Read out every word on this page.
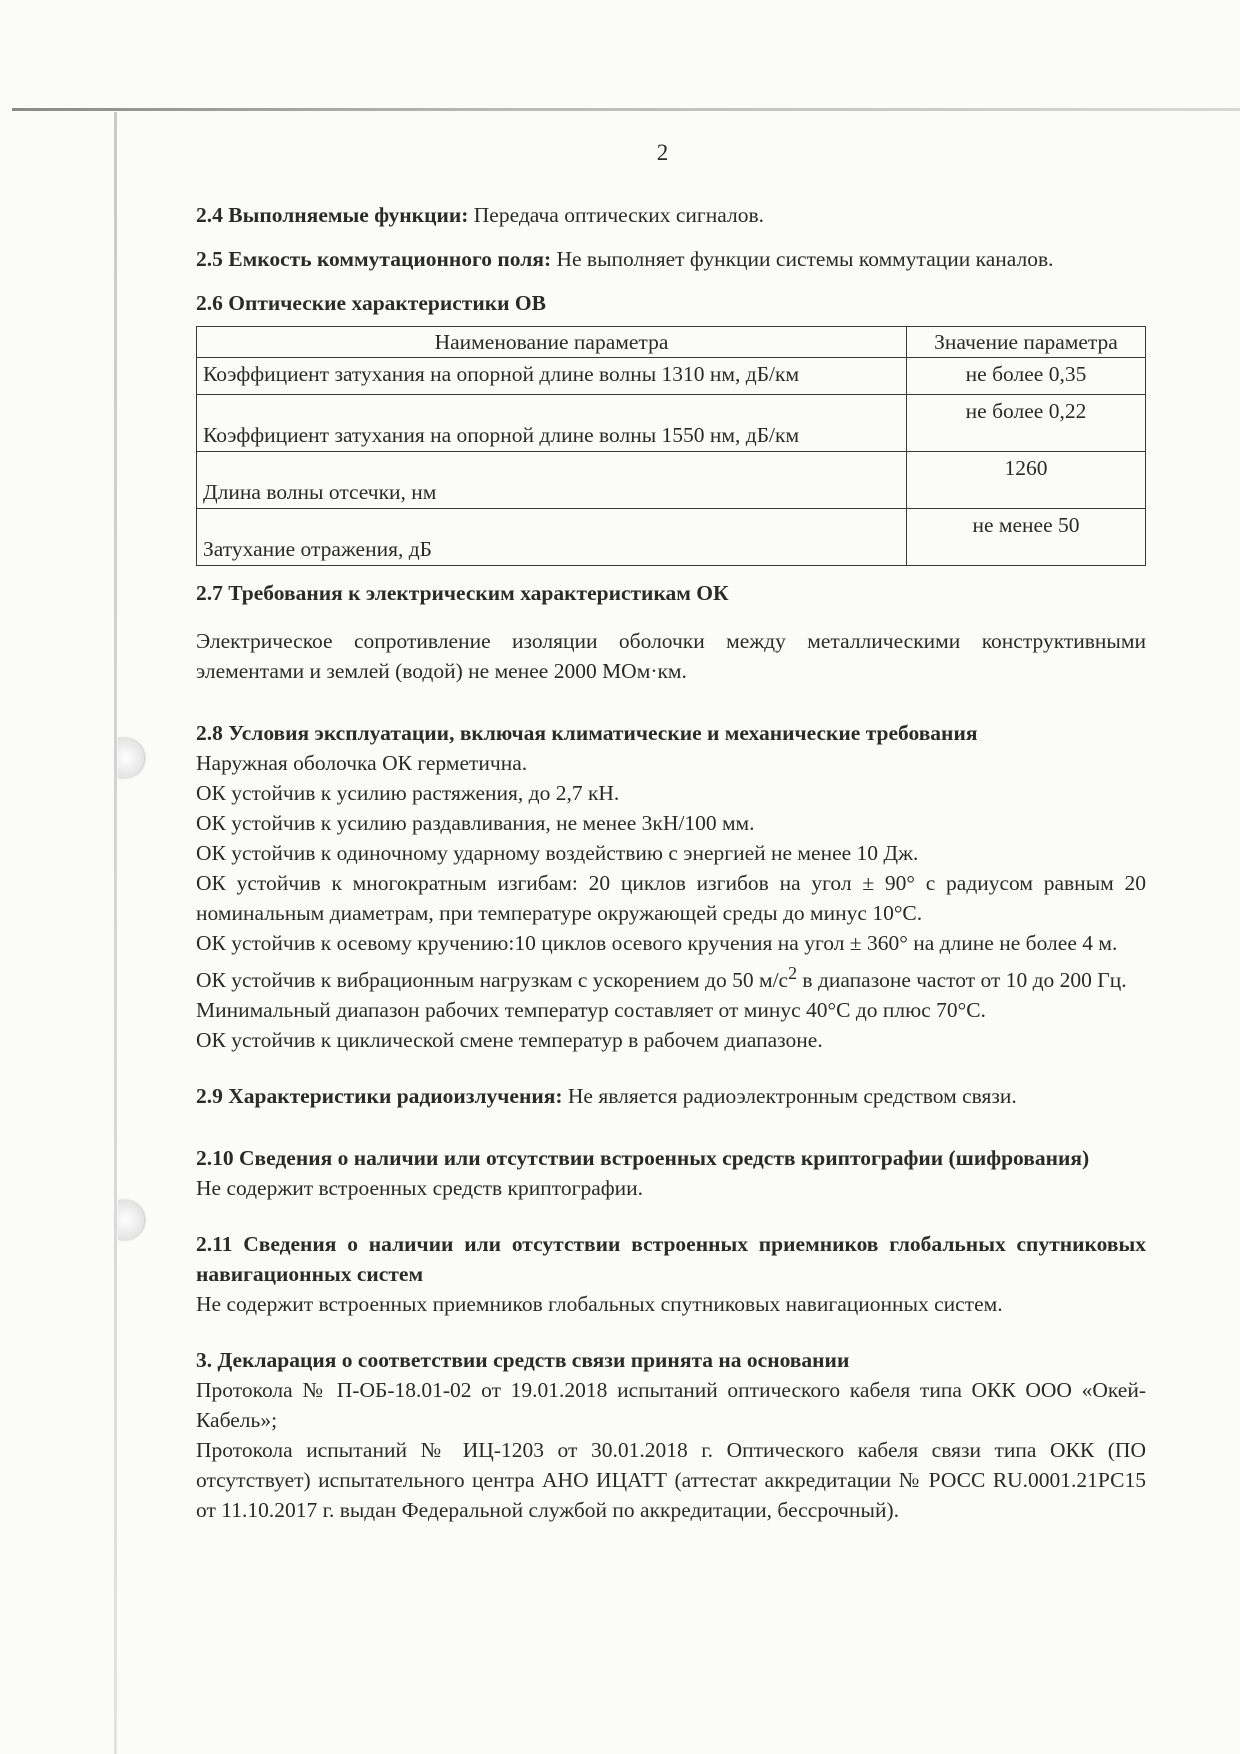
2

2.4 Выполняемые функции: Передача оптических сигналов.

2.5 Емкость коммутационного поля: Не выполняет функции системы коммутации каналов.

2.6 Оптические характеристики ОВ

Наименование параметра	Значение параметра
Коэффициент затухания на опорной длине волны 1310 нм, дБ/км	не более 0,35
Коэффициент затухания на опорной длине волны 1550 нм, дБ/км	не более 0,22
Длина волны отсечки, нм	1260
Затухание отражения, дБ	не менее 50

2.7 Требования к электрическим характеристикам ОК

Электрическое сопротивление изоляции оболочки между металлическими конструктивными элементами и землей (водой) не менее 2000 МОм·км.

2.8 Условия эксплуатации, включая климатические и механические требования

Наружная оболочка ОК герметична.

ОК устойчив к усилию растяжения, до 2,7 кН.

ОК устойчив к усилию раздавливания, не менее 3кН/100 мм.

ОК устойчив к одиночному ударному воздействию с энергией не менее 10 Дж.

ОК устойчив к многократным изгибам: 20 циклов изгибов на угол ± 90° с радиусом равным 20 номинальным диаметрам, при температуре окружающей среды до минус 10°С.

ОК устойчив к осевому кручению:10 циклов осевого кручения на угол ± 360° на длине не более 4 м.

ОК устойчив к вибрационным нагрузкам с ускорением до 50 $м/с^2$ в диапазоне частот от 10 до 200 Гц.

Минимальный диапазон рабочих температур составляет от минус 40°С до плюс 70°С.

ОК устойчив к циклической смене температур в рабочем диапазоне.

2.9 Характеристики радиоизлучения: Не является радиоэлектронным средством связи.

2.10 Сведения о наличии или отсутствии встроенных средств криптографии (шифрования)

Не содержит встроенных средств криптографии.

2.11 Сведения о наличии или отсутствии встроенных приемников глобальных спутниковых навигационных систем

Не содержит встроенных приемников глобальных спутниковых навигационных систем.

3. Декларация о соответствии средств связи принята на основании

Протокола № П-ОБ-18.01-02 от 19.01.2018 испытаний оптического кабеля типа ОКК ООО «Окей-Кабель»;

Протокола испытаний № ИЦ-1203 от 30.01.2018 г. Оптического кабеля связи типа ОКК (ПО отсутствует) испытательного центра АНО ИЦАТТ (аттестат аккредитации № РОСС RU.0001.21РС15 от 11.10.2017 г. выдан Федеральной службой по аккредитации, бессрочный).
